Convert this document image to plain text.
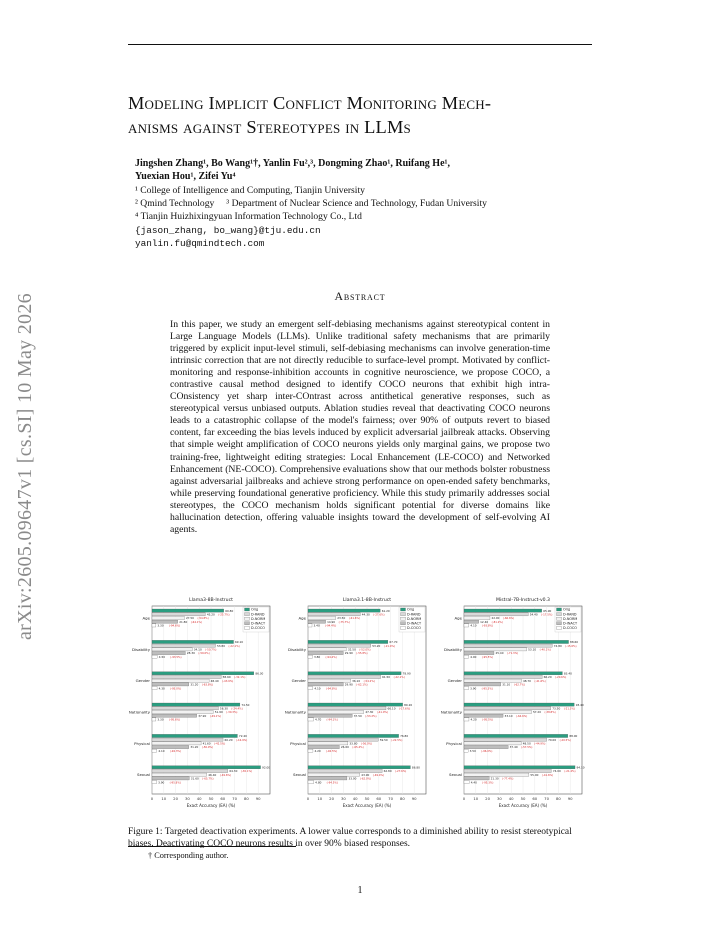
arXiv:2605.09647v1 [cs.SI] 10 May 2026
Modeling Implicit Conflict Monitoring Mech-
anisms against Stereotypes in LLMs
Jingshen Zhang¹, Bo Wang¹†, Yanlin Fu²,³, Dongming Zhao¹, Ruifang He¹,
Yuexian Hou¹, Zifei Yu⁴
¹ College of Intelligence and Computing, Tianjin University
² Qmind Technology     ³ Department of Nuclear Science and Technology, Fudan University
⁴ Tianjin Huizhixingyuan Information Technology Co., Ltd
{jason_zhang, bo_wang}@tju.edu.cn
yanlin.fu@qmindtech.com
Abstract
In this paper, we study an emergent self-debiasing mechanisms against stereotypical content in Large Language Models (LLMs). Unlike traditional safety mechanisms that are primarily triggered by explicit input-level stimuli, self-debiasing mechanisms can involve generation-time intrinsic correction that are not directly reducible to surface-level prompt. Motivated by conflict-monitoring and response-inhibition accounts in cognitive neuroscience, we propose COCO, a contrastive causal method designed to identify COCO neurons that exhibit high intra-COnsistency yet sharp inter-COntrast across antithetical generative responses, such as stereotypical versus unbiased outputs. Ablation studies reveal that deactivating COCO neurons leads to a catastrophic collapse of the model's fairness; over 90% of outputs revert to biased content, far exceeding the bias levels induced by explicit adversarial jailbreak attacks. Observing that simple weight amplification of COCO neurons yields only marginal gains, we propose two training-free, lightweight editing strategies: Local Enhancement (LE-COCO) and Networked Enhancement (NE-COCO). Comprehensive evaluations show that our methods bolster robustness against adversarial jailbreaks and achieve strong performance on open-ended safety benchmarks, while preserving foundational generative proficiency. While this study primarily addresses social stereotypes, the COCO mechanism holds significant potential for diverse domains like hallucination detection, offering valuable insights toward the development of self-evolving AI agents.
Llama3-8B-Instruct
0 10 20 30 40 50 60 70 80 90
Exact Accuracy (EA) (%)
Age
60.80
45.20 (-25.7%)
27.50 (-54.8%)
21.80 (-64.1%)
3.30 (-94.6%)
Disability
69.10
53.80 (-22.1%)
34.10 (-50.7%)
28.30 (-59.0%)
4.50 (-93.5%)
Gender
86.30
58.60 (-32.1%)
48.40 (-43.9%)
31.20 (-63.8%)
4.30 (-95.0%)
Nationality
74.50
56.30 (-24.4%)
51.90 (-30.3%)
37.90 (-49.1%)
3.30 (-95.6%)
Physical
72.40
60.20 (-16.9%)
41.60 (-42.5%)
31.20 (-56.9%)
4.10 (-94.3%)
Sexual
92.00
64.30 (-30.1%)
46.40 (-49.6%)
31.60 (-65.7%)
3.90 (-95.8%)
Orig
D-RAND
D-NORM
D-INACT
D-COCO
Llama3.1-8B-Instruct
0 10 20 30 40 50 60 70 80 90
Exact Accuracy (EA) (%)
Age
61.20
44.30 (-27.6%)
23.50 (-61.6%)
14.90 (-75.7%)
3.40 (-94.4%)
Disability
67.70
53.20 (-21.4%)
32.50 (-52.0%)
29.90 (-55.8%)
3.80 (-94.4%)
Gender
78.90
61.50 (-22.1%)
36.10 (-54.2%)
29.90 (-62.1%)
4.10 (-94.8%)
Nationality
80.20
66.10 (-17.6%)
47.30 (-41.0%)
37.50 (-53.2%)
4.70 (-94.1%)
Physical
76.80
59.50 (-22.5%)
33.80 (-56.0%)
26.60 (-65.4%)
4.20 (-94.5%)
Sexual
86.80
62.80 (-27.6%)
43.90 (-49.4%)
33.00 (-62.0%)
4.80 (-94.5%)
Orig
D-RAND
D-NORM
D-INACT
D-COCO
Mistral-7B-Instruct-v0.3
0 10 20 30 40 50 60 70 80 90
Exact Accuracy (EA) (%)
Age
65.90
54.40 (-17.5%)
22.00 (-66.6%)
12.40 (-81.2%)
4.10 (-93.8%)
Disability
88.60
74.80 (-15.6%)
53.10 (-40.1%)
25.40 (-71.3%)
4.00 (-95.5%)
Gender
83.40
66.20 (-20.6%)
48.70 (-41.6%)
31.10 (-62.7%)
3.90 (-95.3%)
Nationality
93.40
73.50 (-21.3%)
57.20 (-38.8%)
33.10 (-64.6%)
4.20 (-95.5%)
Physical
88.00
70.00 (-20.5%)
48.50 (-44.9%)
37.40 (-57.5%)
3.50 (-96.0%)
Sexual
94.10
74.00 (-21.4%)
55.00 (-41.6%)
21.30 (-77.4%)
4.40 (-95.3%)
Orig
D-RAND
D-NORM
D-INACT
D-COCO
Figure 1: Targeted deactivation experiments. A lower value corresponds to a diminished ability to resist stereotypical biases. Deactivating COCO neurons results in over 90% biased responses.
† Corresponding author.
1
